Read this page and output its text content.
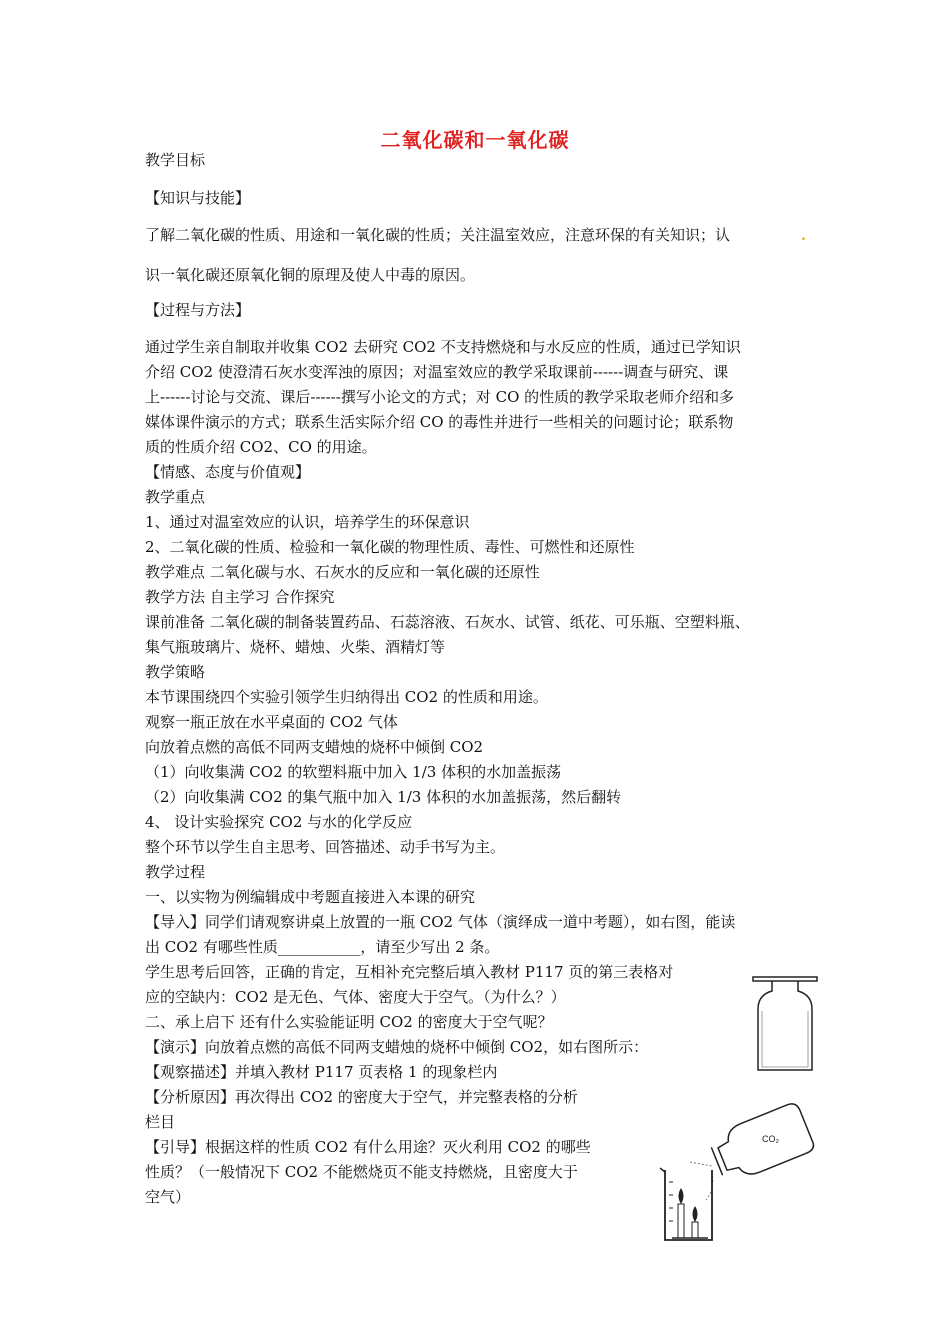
二氧化碳和一氧化碳
教学目标
【知识与技能】
了解二氧化碳的性质、用途和一氧化碳的性质；关注温室效应，注意环保的有关知识；认	.
识一氧化碳还原氧化铜的原理及使人中毒的原因。
【过程与方法】
通过学生亲自制取并收集 CO2 去研究 CO2 不支持燃烧和与水反应的性质，通过已学知识
介绍 CO2 使澄清石灰水变浑浊的原因；对温室效应的教学采取课前------调查与研究、课
上------讨论与交流、课后------撰写小论文的方式；对 CO 的性质的教学采取老师介绍和多
媒体课件演示的方式；联系生活实际介绍 CO 的毒性并进行一些相关的问题讨论；联系物
质的性质介绍 CO2、CO 的用途。
【情感、态度与价值观】
教学重点
1、通过对温室效应的认识，培养学生的环保意识
2、二氧化碳的性质、检验和一氧化碳的物理性质、毒性、可燃性和还原性
教学难点 二氧化碳与水、石灰水的反应和一氧化碳的还原性
教学方法 自主学习 合作探究
课前准备 二氧化碳的制备装置药品、石蕊溶液、石灰水、试管、纸花、可乐瓶、空塑料瓶、
集气瓶玻璃片、烧杯、蜡烛、火柴、酒精灯等
教学策略
本节课围绕四个实验引领学生归纳得出 CO2 的性质和用途。
观察一瓶正放在水平桌面的 CO2 气体
向放着点燃的高低不同两支蜡烛的烧杯中倾倒 CO2
（1）向收集满 CO2 的软塑料瓶中加入 1/3 体积的水加盖振荡
（2）向收集满 CO2 的集气瓶中加入 1/3 体积的水加盖振荡，然后翻转
4、 设计实验探究 CO2 与水的化学反应
整个环节以学生自主思考、回答描述、动手书写为主。
教学过程
一、以实物为例编辑成中考题直接进入本课的研究
【导入】同学们请观察讲桌上放置的一瓶 CO2 气体（演绎成一道中考题），如右图，能读
出 CO2 有哪些性质___________，请至少写出 2 条。
学生思考后回答，正确的肯定，互相补充完整后填入教材 P117 页的第三表格对
应的空缺内：CO2 是无色、气体、密度大于空气。（为什么？）
二、承上启下 还有什么实验能证明 CO2 的密度大于空气呢？
【演示】向放着点燃的高低不同两支蜡烛的烧杯中倾倒 CO2，如右图所示：
【观察描述】并填入教材 P117 页表格 1 的现象栏内
【分析原因】再次得出 CO2 的密度大于空气，并完整表格的分析
栏目
【引导】根据这样的性质 CO2 有什么用途？灭火利用 CO2 的哪些
性质？（一般情况下 CO2 不能燃烧页不能支持燃烧，且密度大于
空气）
CO₂
